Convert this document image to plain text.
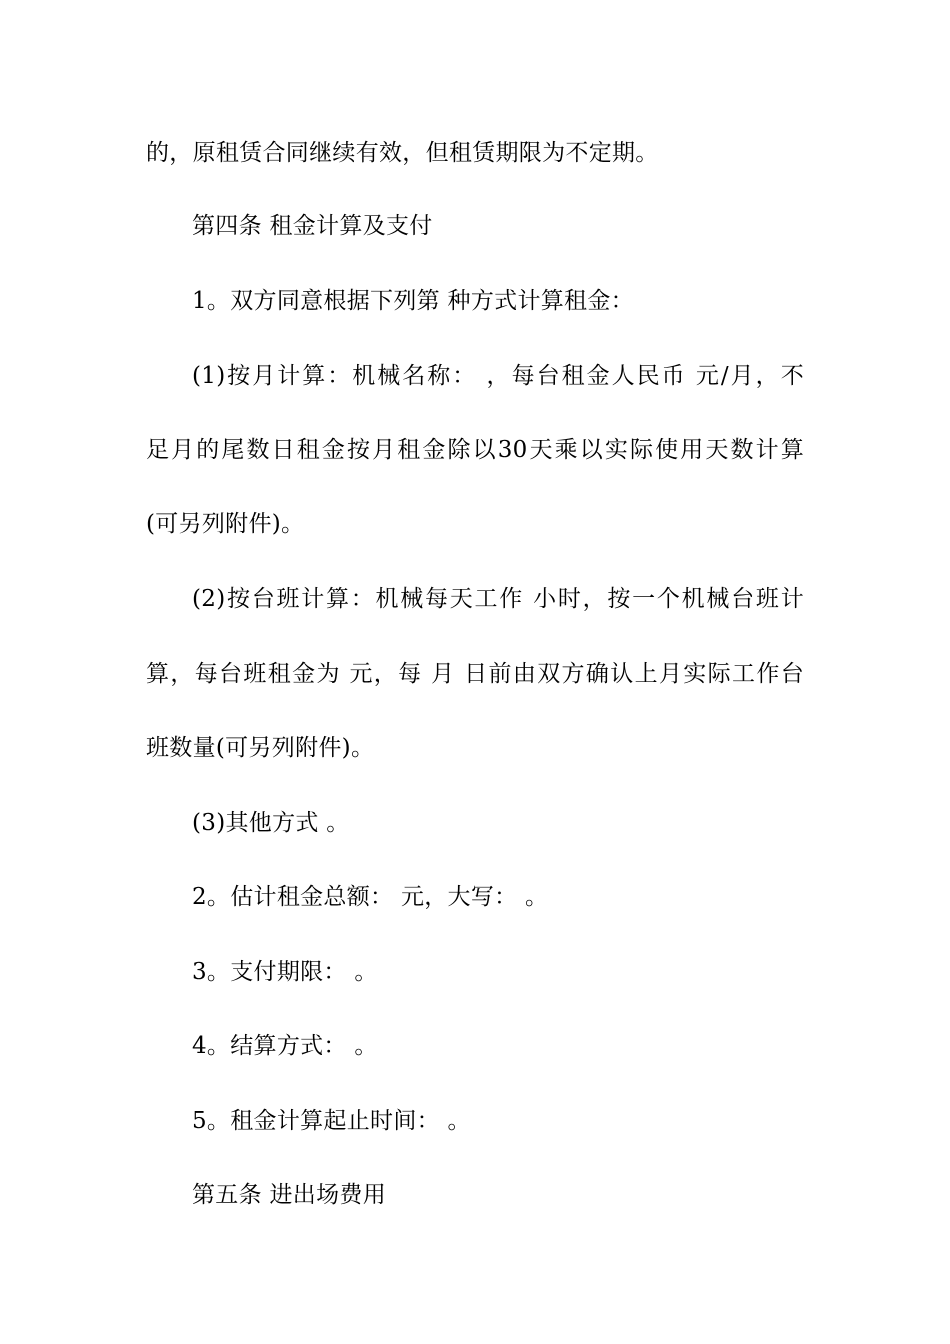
的，原租赁合同继续有效，但租赁期限为不定期。
第四条 租金计算及支付
1。双方同意根据下列第 种方式计算租金：
(1)按月计算：机械名称： ，每台租金人民币 元/月，不
足月的尾数日租金按月租金除以30天乘以实际使用天数计算
(可另列附件)。
(2)按台班计算：机械每天工作 小时，按一个机械台班计
算，每台班租金为 元，每 月 日前由双方确认上月实际工作台
班数量(可另列附件)。
(3)其他方式 。
2。估计租金总额： 元，大写： 。
3。支付期限： 。
4。结算方式： 。
5。租金计算起止时间： 。
第五条 进出场费用
